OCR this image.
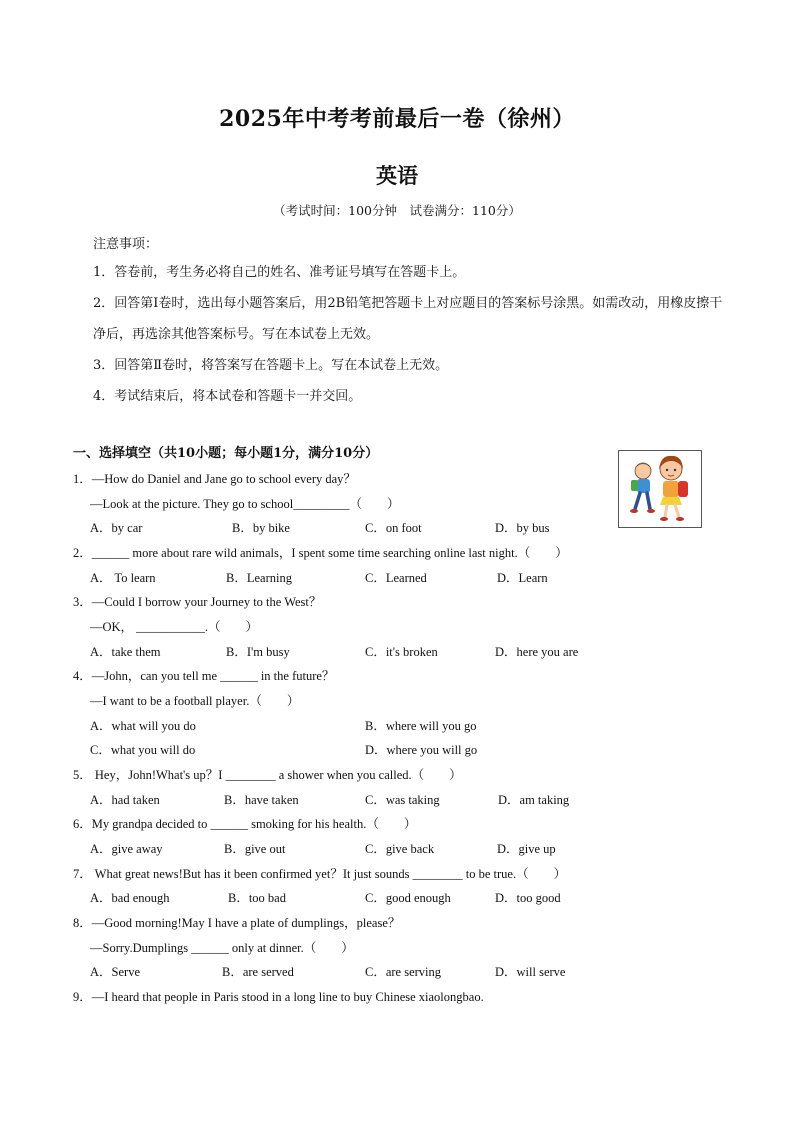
2025年中考考前最后一卷（徐州）
英语
（考试时间：100分钟　试卷满分：110分）
注意事项：
1．答卷前，考生务必将自己的姓名、准考证号填写在答题卡上。
2．回答第Ⅰ卷时，选出每小题答案后，用2B铅笔把答题卡上对应题目的答案标号涂黑。如需改动，用橡皮擦干净后，再选涂其他答案标号。写在本试卷上无效。
3．回答第Ⅱ卷时，将答案写在答题卡上。写在本试卷上无效。
4．考试结束后，将本试卷和答题卡一并交回。
一、选择填空（共10小题；每小题1分，满分10分）
1．—How do Daniel and Jane go to school every day？
—Look at the picture. They go to school_________（　　）
A．by car	B．by bike	C．on foot	D．by bus
2．______ more about rare wild animals，I spent some time searching online last night.（　　）
A． To learn	B．Learning	C．Learned	D．Learn
3．—Could I borrow your Journey to the West？
—OK， ___________.（　　）
A．take them	B．I'm busy	C．it's broken	D．here you are
4．—John，can you tell me ______ in the future？
—I want to be a football player.（　　）
A．what will you do	B．where will you go
C．what you will do	D．where you will go
5． Hey，John!What's up？I ________ a shower when you called.（　　）
A．had taken	B．have taken	C．was taking	D．am taking
6．My grandpa decided to ______ smoking for his health.（　　）
A．give away	B．give out	C．give back	D．give up
7． What great news!But has it been confirmed yet？It just sounds ________ to be true.（　　）
A．bad enough	B．too bad	C．good enough	D．too good
8．—Good morning!May I have a plate of dumplings，please？
—Sorry.Dumplings ______ only at dinner.（　　）
A．Serve	B．are served	C．are serving	D．will serve
9．—I heard that people in Paris stood in a long line to buy Chinese xiaolongbao.
